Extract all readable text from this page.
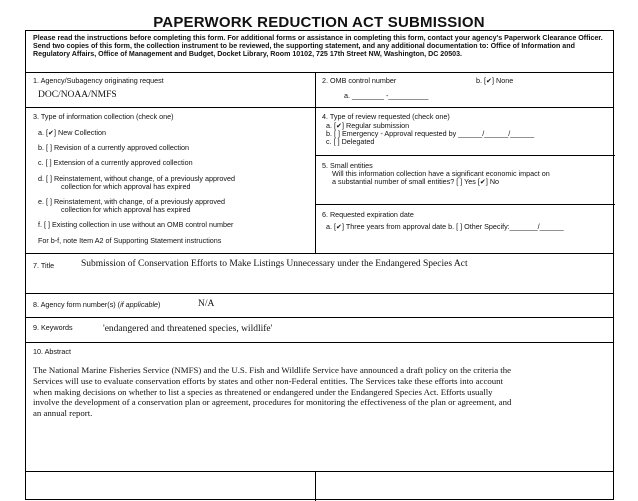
PAPERWORK REDUCTION ACT SUBMISSION
Please read the instructions before completing this form. For additional forms or assistance in completing this form, contact your agency's Paperwork Clearance Officer. Send two copies of this form, the collection instrument to be reviewed, the supporting statement, and any additional documentation to: Office of Information and Regulatory Affairs, Office of Management and Budget, Docket Library, Room 10102, 725 17th Street NW, Washington, DC 20503.
1. Agency/Subagency originating request
DOC/NOAA/NMFS
2. OMB control number	b. [✔] None
a. ________ -__________
3. Type of information collection (check one)
a. [✔] New Collection
b. [ ] Revision of a currently approved collection
c. [ ] Extension of a currently approved collection
d. [ ] Reinstatement, without change, of a previously approved
collection for which approval has expired
e. [ ] Reinstatement, with change, of a previously approved
collection for which approval has expired
f. [ ] Existing collection in use without an OMB control number
For b-f, note Item A2 of Supporting Statement instructions
4. Type of review requested (check one)
a. [✔] Regular submission
b. [ ] Emergency - Approval requested by ______/______/______
c. [ ] Delegated
5. Small entities
Will this information collection have a significant economic impact on
a substantial number of small entities? [ ] Yes [✔] No
6. Requested expiration date
a. [✔] Three years from approval date b. [ ] Other Specify:_______/______
7. Title	Submission of Conservation Efforts to Make Listings Unnecessary under the Endangered Species Act
8. Agency form number(s) (if applicable)	N/A
9. Keywords	'endangered and threatened species, wildlife'
10. Abstract
The National Marine Fisheries Service (NMFS) and the U.S. Fish and Wildlife Service have announced a draft policy on the criteria the
Services will use to evaluate conservation efforts by states and other non-Federal entities. The Services take these efforts into account
when making decisions on whether to list a species as threatened or endangered under the Endangered Species Act. Efforts usually
involve the development of a conservation plan or agreement, procedures for monitoring the effectiveness of the plan or agreement, and
an annual report.
